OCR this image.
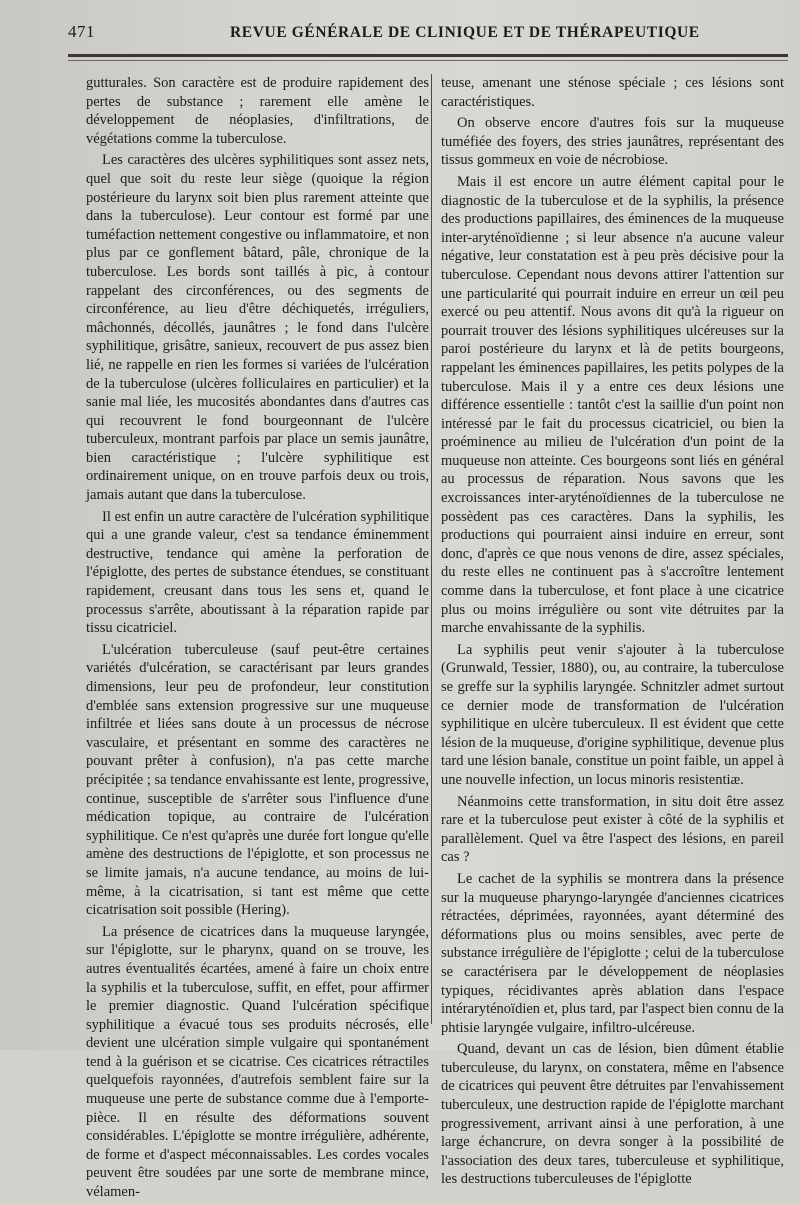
471	REVUE GÉNÉRALE DE CLINIQUE ET DE THÉRAPEUTIQUE

gutturales. Son caractère est de produire rapidement des pertes de substance ; rarement elle amène le développement de néoplasies, d'infiltrations, de végétations comme la tuberculose.

Les caractères des ulcères syphilitiques sont assez nets, quel que soit du reste leur siège (quoique la région postérieure du larynx soit bien plus rarement atteinte que dans la tuberculose). Leur contour est formé par une tuméfaction nettement congestive ou inflammatoire, et non plus par ce gonflement bâtard, pâle, chronique de la tuberculose. Les bords sont taillés à pic, à contour rappelant des circonférences, ou des segments de circonférence, au lieu d'être déchiquetés, irréguliers, mâchonnés, décollés, jaunâtres ; le fond dans l'ulcère syphilitique, grisâtre, sanieux, recouvert de pus assez bien lié, ne rappelle en rien les formes si variées de l'ulcération de la tuberculose (ulcères folliculaires en particulier) et la sanie mal liée, les mucosités abondantes dans d'autres cas qui recouvrent le fond bourgeonnant de l'ulcère tuberculeux, montrant parfois par place un semis jaunâtre, bien caractéristique ; l'ulcère syphilitique est ordinairement unique, on en trouve parfois deux ou trois, jamais autant que dans la tuberculose.

Il est enfin un autre caractère de l'ulcération syphilitique qui a une grande valeur, c'est sa tendance éminemment destructive, tendance qui amène la perforation de l'épiglotte, des pertes de substance étendues, se constituant rapidement, creusant dans tous les sens et, quand le processus s'arrête, aboutissant à la réparation rapide par tissu cicatriciel.

L'ulcération tuberculeuse (sauf peut-être certaines variétés d'ulcération, se caractérisant par leurs grandes dimensions, leur peu de profondeur, leur constitution d'emblée sans extension progressive sur une muqueuse infiltrée et liées sans doute à un processus de nécrose vasculaire, et présentant en somme des caractères ne pouvant prêter à confusion), n'a pas cette marche précipitée ; sa tendance envahissante est lente, progressive, continue, susceptible de s'arrêter sous l'influence d'une médication topique, au contraire de l'ulcération syphilitique. Ce n'est qu'après une durée fort longue qu'elle amène des destructions de l'épiglotte, et son processus ne se limite jamais, n'a aucune tendance, au moins de lui-même, à la cicatrisation, si tant est même que cette cicatrisation soit possible (Hering).

La présence de cicatrices dans la muqueuse laryngée, sur l'épiglotte, sur le pharynx, quand on se trouve, les autres éventualités écartées, amené à faire un choix entre la syphilis et la tuberculose, suffit, en effet, pour affirmer le premier diagnostic. Quand l'ulcération spécifique syphilitique a évacué tous ses produits nécrosés, elle devient une ulcération simple vulgaire qui spontanément tend à la guérison et se cicatrise. Ces cicatrices rétractiles quelquefois rayonnées, d'autrefois semblent faire sur la muqueuse une perte de substance comme due à l'emporte-pièce. Il en résulte des déformations souvent considérables. L'épiglotte se montre irrégulière, adhérente, de forme et d'aspect méconnaissables. Les cordes vocales peuvent être soudées par une sorte de membrane mince, vélamen-

teuse, amenant une sténose spéciale ; ces lésions sont caractéristiques.

On observe encore d'autres fois sur la muqueuse tuméfiée des foyers, des stries jaunâtres, représentant des tissus gommeux en voie de nécrobiose.

Mais il est encore un autre élément capital pour le diagnostic de la tuberculose et de la syphilis, la présence des productions papillaires, des éminences de la muqueuse inter-aryténoïdienne ; si leur absence n'a aucune valeur négative, leur constatation est à peu près décisive pour la tuberculose. Cependant nous devons attirer l'attention sur une particularité qui pourrait induire en erreur un œil peu exercé ou peu attentif. Nous avons dit qu'à la rigueur on pourrait trouver des lésions syphilitiques ulcéreuses sur la paroi postérieure du larynx et là de petits bourgeons, rappelant les éminences papillaires, les petits polypes de la tuberculose. Mais il y a entre ces deux lésions une différence essentielle : tantôt c'est la saillie d'un point non intéressé par le fait du processus cicatriciel, ou bien la proéminence au milieu de l'ulcération d'un point de la muqueuse non atteinte. Ces bourgeons sont liés en général au processus de réparation. Nous savons que les excroissances inter-aryténoïdiennes de la tuberculose ne possèdent pas ces caractères. Dans la syphilis, les productions qui pourraient ainsi induire en erreur, sont donc, d'après ce que nous venons de dire, assez spéciales, du reste elles ne continuent pas à s'accroître lentement comme dans la tuberculose, et font place à une cicatrice plus ou moins irrégulière ou sont vite détruites par la marche envahissante de la syphilis.

La syphilis peut venir s'ajouter à la tuberculose (Grunwald, Tessier, 1880), ou, au contraire, la tuberculose se greffe sur la syphilis laryngée. Schnitzler admet surtout ce dernier mode de transformation de l'ulcération syphilitique en ulcère tuberculeux. Il est évident que cette lésion de la muqueuse, d'origine syphilitique, devenue plus tard une lésion banale, constitue un point faible, un appel à une nouvelle infection, un locus minoris resistentiæ.

Néanmoins cette transformation, in situ doit être assez rare et la tuberculose peut exister à côté de la syphilis et parallèlement. Quel va être l'aspect des lésions, en pareil cas ?

Le cachet de la syphilis se montrera dans la présence sur la muqueuse pharyngo-laryngée d'anciennes cicatrices rétractées, déprimées, rayonnées, ayant déterminé des déformations plus ou moins sensibles, avec perte de substance irrégulière de l'épiglotte ; celui de la tuberculose se caractérisera par le développement de néoplasies typiques, récidivantes après ablation dans l'espace intéraryténoïdien et, plus tard, par l'aspect bien connu de la phtisie laryngée vulgaire, infiltro-ulcéreuse.

Quand, devant un cas de lésion, bien dûment établie tuberculeuse, du larynx, on constatera, même en l'absence de cicatrices qui peuvent être détruites par l'envahissement tuberculeux, une destruction rapide de l'épiglotte marchant progressivement, arrivant ainsi à une perforation, à une large échancrure, on devra songer à la possibilité de l'association des deux tares, tuberculeuse et syphilitique, les destructions tuberculeuses de l'épiglotte
